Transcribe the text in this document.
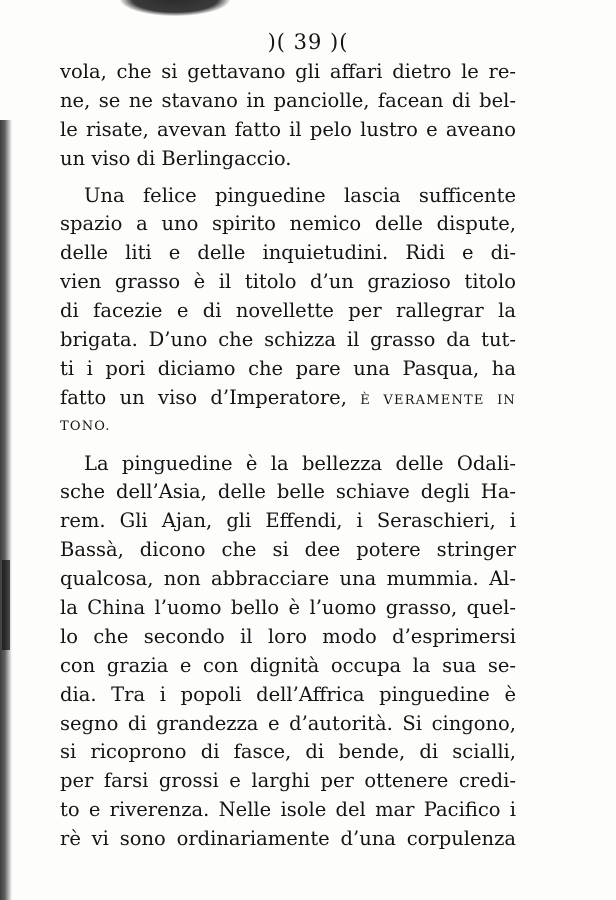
)( 39 )(
vola, che si gettavano gli affari dietro le re-
ne, se ne stavano in panciolle, facean di bel-
le risate, avevan fatto il pelo lustro e aveano
un viso di Berlingaccio.
Una felice pinguedine lascia sufficente
spazio a uno spirito nemico delle dispute,
delle liti e delle inquietudini. Ridi e di-
vien grasso è il titolo d’un grazioso titolo
di facezie e di novellette per rallegrar la
brigata. D’uno che schizza il grasso da tut-
ti i pori diciamo che pare una Pasqua, ha
fatto un viso d’Imperatore, È VERAMENTE IN
TONO.
La pinguedine è la bellezza delle Odali-
sche dell’Asia, delle belle schiave degli Ha-
rem. Gli Ajan, gli Effendi, i Seraschieri, i
Bassà, dicono che si dee potere stringer
qualcosa, non abbracciare una mummia. Al-
la China l’uomo bello è l’uomo grasso, quel-
lo che secondo il loro modo d’esprimersi
con grazia e con dignità occupa la sua se-
dia. Tra i popoli dell’Affrica pinguedine è
segno di grandezza e d’autorità. Si cingono,
si ricoprono di fasce, di bende, di scialli,
per farsi grossi e larghi per ottenere credi-
to e riverenza. Nelle isole del mar Pacifico i
rè vi sono ordinariamente d’una corpulenza
